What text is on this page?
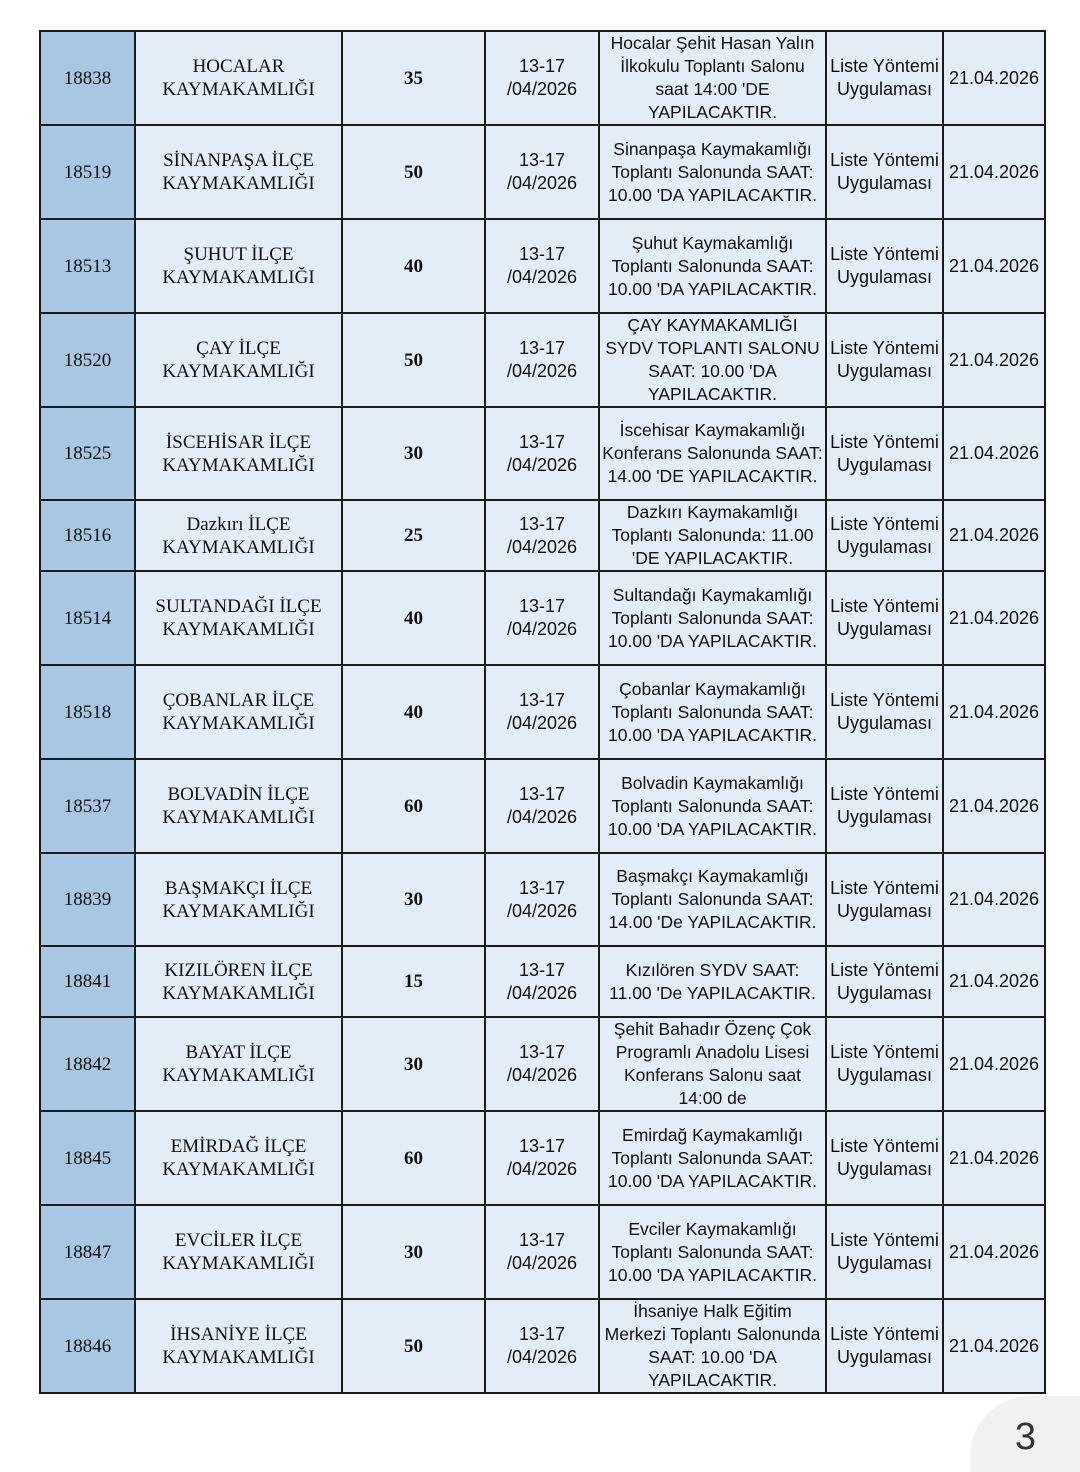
18838	HOCALAR KAYMAKAMLIĞI	35	13-17 /04/2026	Hocalar Şehit Hasan Yalın İlkokulu Toplantı Salonu saat 14:00 'DE YAPILACAKTIR.	Liste Yöntemi Uygulaması	21.04.2026
18519	SİNANPAŞA İLÇE KAYMAKAMLIĞI	50	13-17 /04/2026	Sinanpaşa Kaymakamlığı Toplantı Salonunda SAAT: 10.00 'DA YAPILACAKTIR.	Liste Yöntemi Uygulaması	21.04.2026
18513	ŞUHUT İLÇE KAYMAKAMLIĞI	40	13-17 /04/2026	Şuhut Kaymakamlığı Toplantı Salonunda SAAT: 10.00 'DA YAPILACAKTIR.	Liste Yöntemi Uygulaması	21.04.2026
18520	ÇAY İLÇE KAYMAKAMLIĞI	50	13-17 /04/2026	ÇAY KAYMAKAMLIĞI SYDV TOPLANTI SALONU SAAT: 10.00 'DA YAPILACAKTIR.	Liste Yöntemi Uygulaması	21.04.2026
18525	İSCEHİSAR İLÇE KAYMAKAMLIĞI	30	13-17 /04/2026	İscehisar Kaymakamlığı Konferans Salonunda SAAT: 14.00 'DE YAPILACAKTIR.	Liste Yöntemi Uygulaması	21.04.2026
18516	Dazkırı İLÇE KAYMAKAMLIĞI	25	13-17 /04/2026	Dazkırı Kaymakamlığı Toplantı Salonunda: 11.00 'DE YAPILACAKTIR.	Liste Yöntemi Uygulaması	21.04.2026
18514	SULTANDAĞI İLÇE KAYMAKAMLIĞI	40	13-17 /04/2026	Sultandağı Kaymakamlığı Toplantı Salonunda SAAT: 10.00 'DA YAPILACAKTIR.	Liste Yöntemi Uygulaması	21.04.2026
18518	ÇOBANLAR İLÇE KAYMAKAMLIĞI	40	13-17 /04/2026	Çobanlar Kaymakamlığı Toplantı Salonunda SAAT: 10.00 'DA YAPILACAKTIR.	Liste Yöntemi Uygulaması	21.04.2026
18537	BOLVADİN İLÇE KAYMAKAMLIĞI	60	13-17 /04/2026	Bolvadin Kaymakamlığı Toplantı Salonunda SAAT: 10.00 'DA YAPILACAKTIR.	Liste Yöntemi Uygulaması	21.04.2026
18839	BAŞMAKÇI İLÇE KAYMAKAMLIĞI	30	13-17 /04/2026	Başmakçı Kaymakamlığı Toplantı Salonunda SAAT: 14.00 'De YAPILACAKTIR.	Liste Yöntemi Uygulaması	21.04.2026
18841	KIZILÖREN İLÇE KAYMAKAMLIĞI	15	13-17 /04/2026	Kızılören SYDV SAAT: 11.00 'De YAPILACAKTIR.	Liste Yöntemi Uygulaması	21.04.2026
18842	BAYAT İLÇE KAYMAKAMLIĞI	30	13-17 /04/2026	Şehit Bahadır Özenç Çok Programlı Anadolu Lisesi Konferans Salonu saat 14:00 de	Liste Yöntemi Uygulaması	21.04.2026
18845	EMİRDAĞ İLÇE KAYMAKAMLIĞI	60	13-17 /04/2026	Emirdağ Kaymakamlığı Toplantı Salonunda SAAT: 10.00 'DA YAPILACAKTIR.	Liste Yöntemi Uygulaması	21.04.2026
18847	EVCİLER İLÇE KAYMAKAMLIĞI	30	13-17 /04/2026	Evciler Kaymakamlığı Toplantı Salonunda SAAT: 10.00 'DA YAPILACAKTIR.	Liste Yöntemi Uygulaması	21.04.2026
18846	İHSANİYE İLÇE KAYMAKAMLIĞI	50	13-17 /04/2026	İhsaniye Halk Eğitim Merkezi Toplantı Salonunda SAAT: 10.00 'DA YAPILACAKTIR.	Liste Yöntemi Uygulaması	21.04.2026
3
